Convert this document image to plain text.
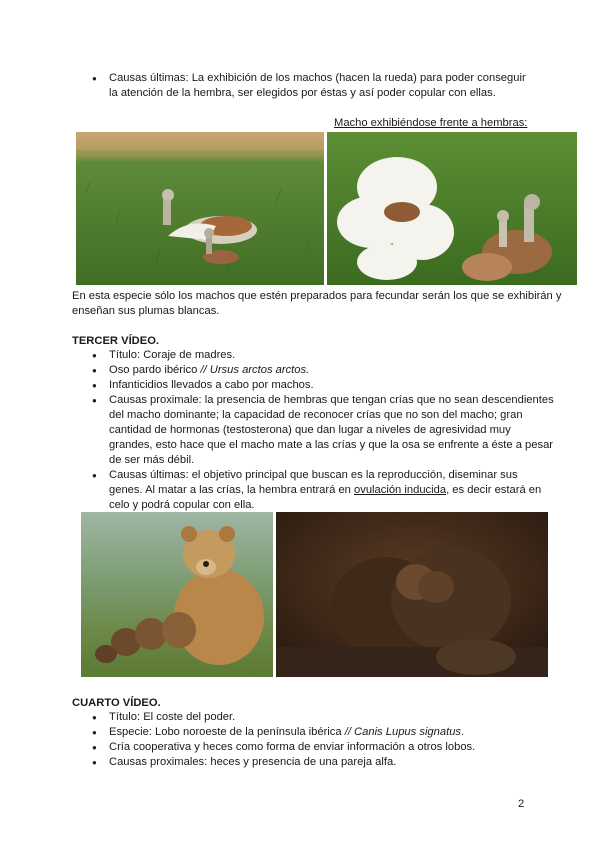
● Causas últimas: La exhibición de los machos (hacen la rueda) para poder conseguir la atención de la hembra, ser elegidos por éstas y así poder copular con ellas.
Macho exhibiéndose frente a hembras:
En esta especie sólo los machos que estén preparados para fecundar serán los que se exhibirán y enseñan sus plumas blancas.
TERCER VÍDEO.
● Título: Coraje de madres.
● Oso pardo ibérico // Ursus arctos arctos.
● Infanticidios llevados a cabo por machos.
● Causas proximale: la presencia de hembras que tengan crías que no sean descendientes del macho dominante; la capacidad de reconocer crías que no son del macho; gran cantidad de hormonas (testosterona) que dan lugar a niveles de agresividad muy grandes, esto hace que el macho mate a las crías y que la osa se enfrente a éste a pesar de ser más débil.
● Causas últimas: el objetivo principal que buscan es la reproducción, diseminar sus genes. Al matar a las crías, la hembra entrará en ovulación inducida, es decir estará en celo y podrá copular con ella.
CUARTO VÍDEO.
● Título: El coste del poder.
● Especie: Lobo noroeste de la península ibérica // Canis Lupus signatus.
● Cría cooperativa y heces como forma de enviar información a otros lobos.
● Causas proximales: heces y presencia de una pareja alfa.
2
